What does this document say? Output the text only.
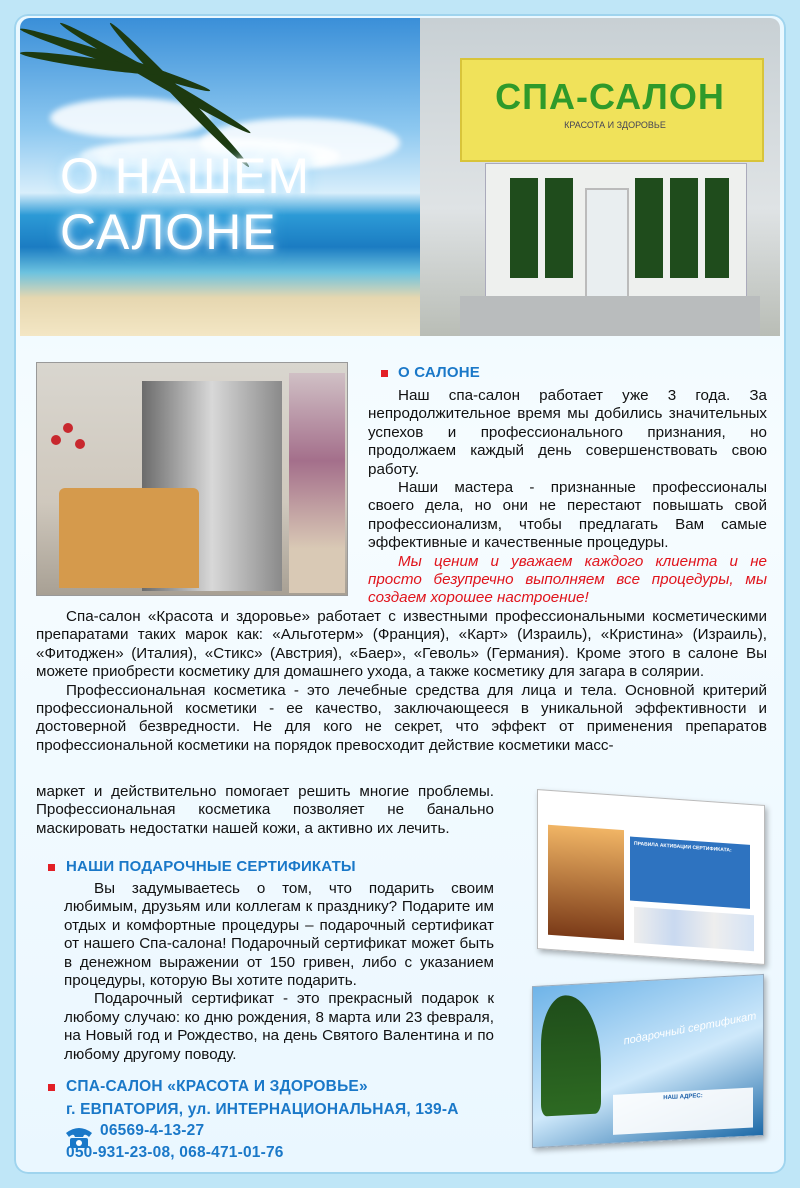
СПА-САЛОН
КРАСОТА И ЗДОРОВЬЕ
О НАШЕМ
САЛОНЕ
О САЛОНЕ

Наш спа-салон работает уже 3 года. За непродолжительное время мы добились значительных успехов и профессионального признания, но продолжаем каждый день совершенствовать свою работу.

Наши мастера - признанные профессионалы своего дела, но они не перестают повышать свой профессионализм, чтобы предлагать Вам самые эффективные и качественные процедуры.

Мы ценим и уважаем каждого клиента и не просто безупречно выполняем все процедуры, мы создаем хорошее настроение!

Спа-салон «Красота и здоровье» работает с известными профессиональными косметическими препаратами таких марок как: «Альготерм» (Франция), «Карт» (Израиль), «Кристина» (Израиль), «Фитоджен» (Италия), «Стикс» (Австрия), «Баер», «Геволь» (Германия). Кроме этого в салоне Вы можете приобрести косметику для домашнего ухода, а также косметику для загара в солярии.

Профессиональная косметика - это лечебные средства для лица и тела. Основной критерий профессиональной косметики - ее качество, заключающееся в уникальной эффективности и достоверной безвредности. Не для кого не секрет, что эффект от применения препаратов профессиональной косметики на порядок превосходит действие косметики масс-

маркет и действительно помогает решить многие проблемы. Профессиональная косметика позволяет не банально маскировать недостатки нашей кожи, а активно их лечить.

НАШИ ПОДАРОЧНЫЕ СЕРТИФИКАТЫ

Вы задумываетесь о том, что подарить своим любимым, друзьям или коллегам к празднику? Подарите им отдых и комфортные процедуры – подарочный сертификат от нашего Спа-салона! Подарочный сертификат может быть в денежном выражении от 150 гривен, либо с указанием процедуры, которую Вы хотите подарить.

Подарочный сертификат - это прекрасный подарок к любому случаю: ко дню рождения, 8 марта или 23 февраля, на Новый год и Рождество, на день Святого Валентина и по любому другому поводу.

ПРАВИЛА АКТИВАЦИИ СЕРТИФИКАТА:
подарочный сертификат
НАШ АДРЕС:
СПА-САЛОН «КРАСОТА И ЗДОРОВЬЕ»
г. ЕВПАТОРИЯ, ул. ИНТЕРНАЦИОНАЛЬНАЯ, 139-А
06569-4-13-27
050-931-23-08, 068-471-01-76
